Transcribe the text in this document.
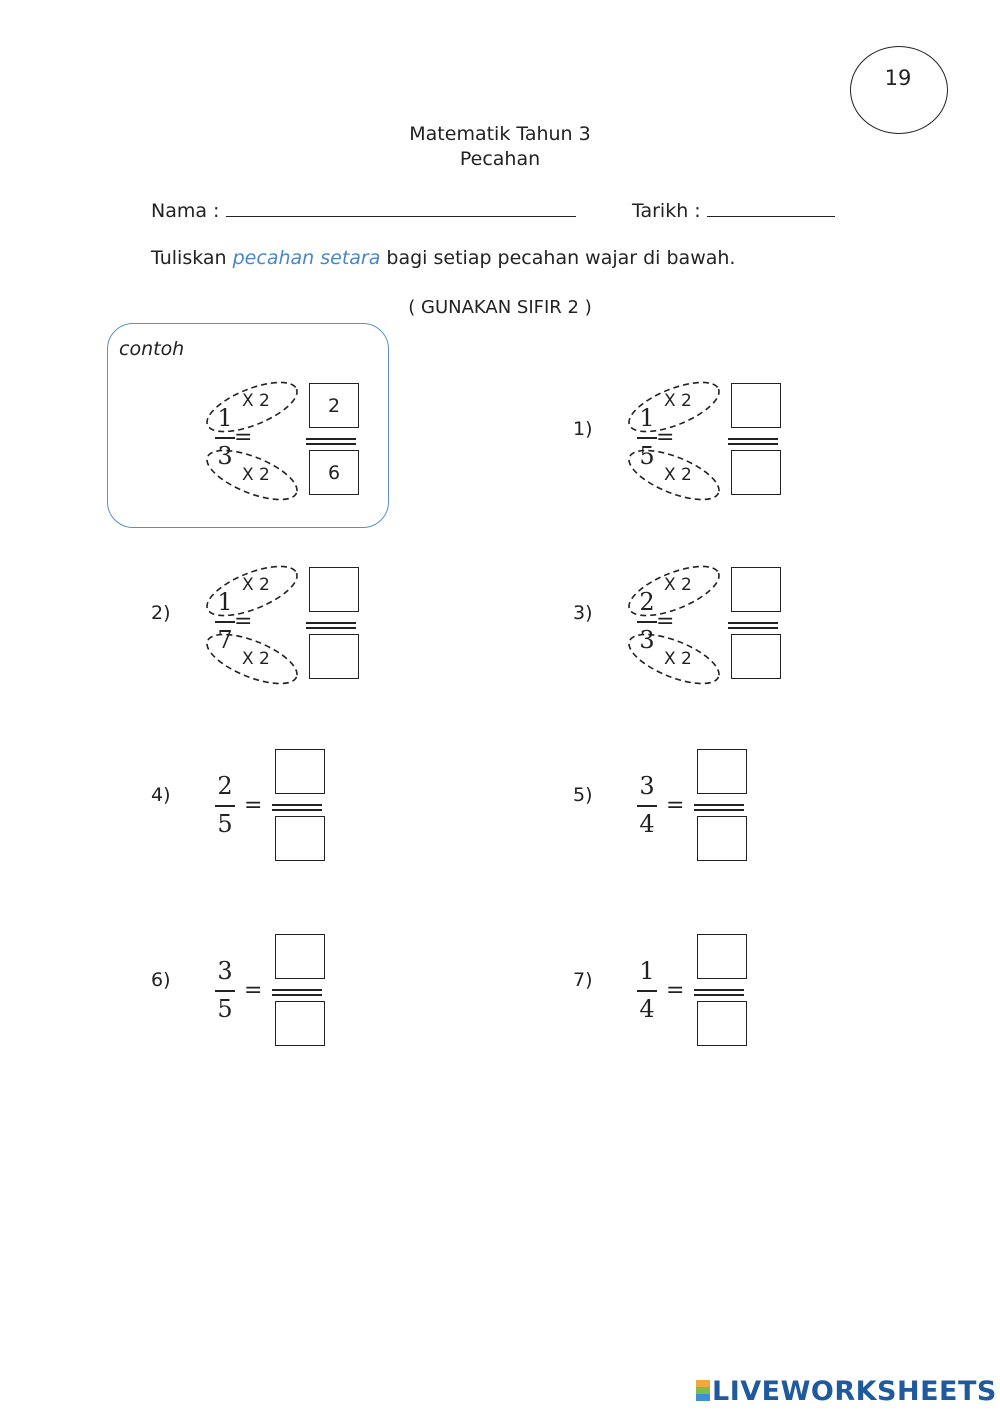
19
Matematik Tahun 3
Pecahan
Nama :	Tarikh :
Tuliskan pecahan setara bagi setiap pecahan wajar di bawah.
( GUNAKAN SIFIR 2 )
contoh
X 2
X 2
1
3
=
2
6
1)
X 2
X 2
1
5
=
2)
X 2
X 2
1
7
=	3)
X 2
X 2
2
3
=
4) 2
5
=	5) 3
4
=
6) 3
5
=	7) 1
4
=
LIVEWORKSHEETS
